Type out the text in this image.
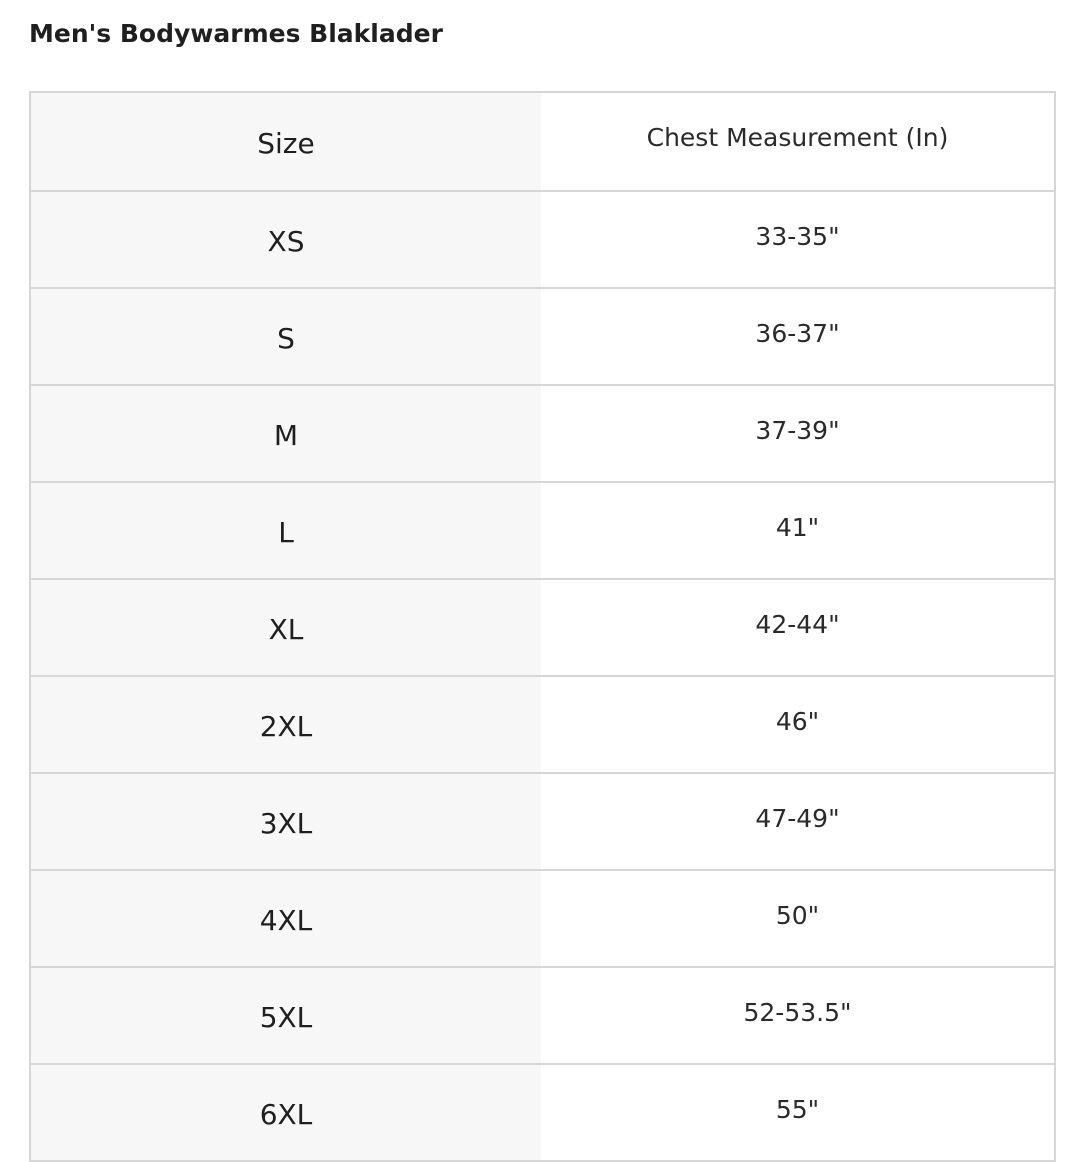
Men's Bodywarmes Blaklader
Size	Chest Measurement (In)
XS	33-35"
S	36-37"
M	37-39"
L	41"
XL	42-44"
2XL	46"
3XL	47-49"
4XL	50"
5XL	52-53.5"
6XL	55"
